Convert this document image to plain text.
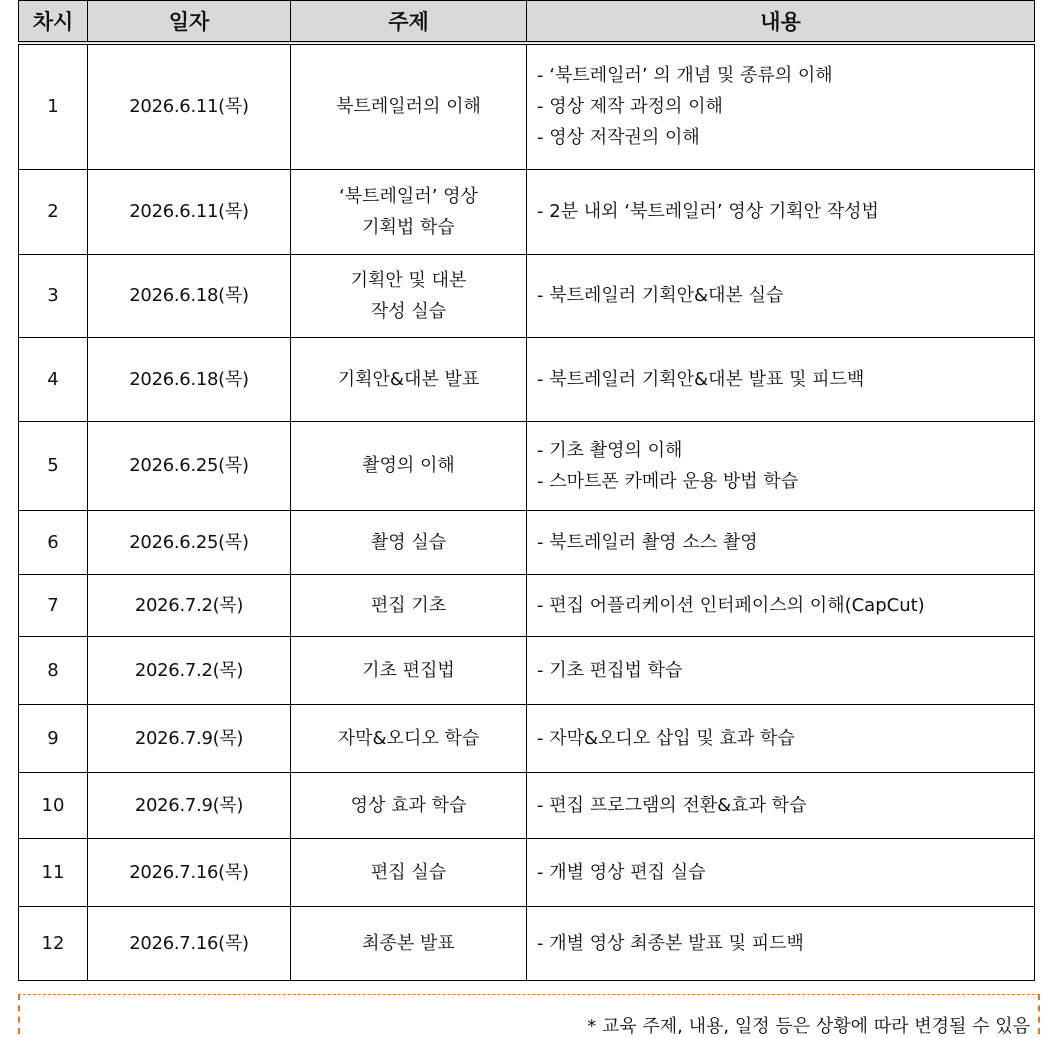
차시	일자	주제	내용
1	2026.6.11(목)	북트레일러의 이해	- ‘북트레일러’ 의 개념 및 종류의 이해
- 영상 제작 과정의 이해
- 영상 저작권의 이해

2	2026.6.11(목)	‘북트레일러’ 영상
기획법 학습	- 2분 내외 ‘북트레일러’ 영상 기획안 작성법

3	2026.6.18(목)	기획안 및 대본
작성 실습	- 북트레일러 기획안&대본 실습

4	2026.6.18(목)	기획안&대본 발표	- 북트레일러 기획안&대본 발표 및 피드백

5	2026.6.25(목)	촬영의 이해	- 기초 촬영의 이해
- 스마트폰 카메라 운용 방법 학습

6	2026.6.25(목)	촬영 실습	- 북트레일러 촬영 소스 촬영

7	2026.7.2(목)	편집 기초	- 편집 어플리케이션 인터페이스의 이해(CapCut)

8	2026.7.2(목)	기초 편집법	- 기초 편집법 학습

9	2026.7.9(목)	자막&오디오 학습	- 자막&오디오 삽입 및 효과 학습

10	2026.7.9(목)	영상 효과 학습	- 편집 프로그램의 전환&효과 학습

11	2026.7.16(목)	편집 실습	- 개별 영상 편집 실습

12	2026.7.16(목)	최종본 발표	- 개별 영상 최종본 발표 및 피드백
* 교육 주제, 내용, 일정 등은 상황에 따라 변경될 수 있음
